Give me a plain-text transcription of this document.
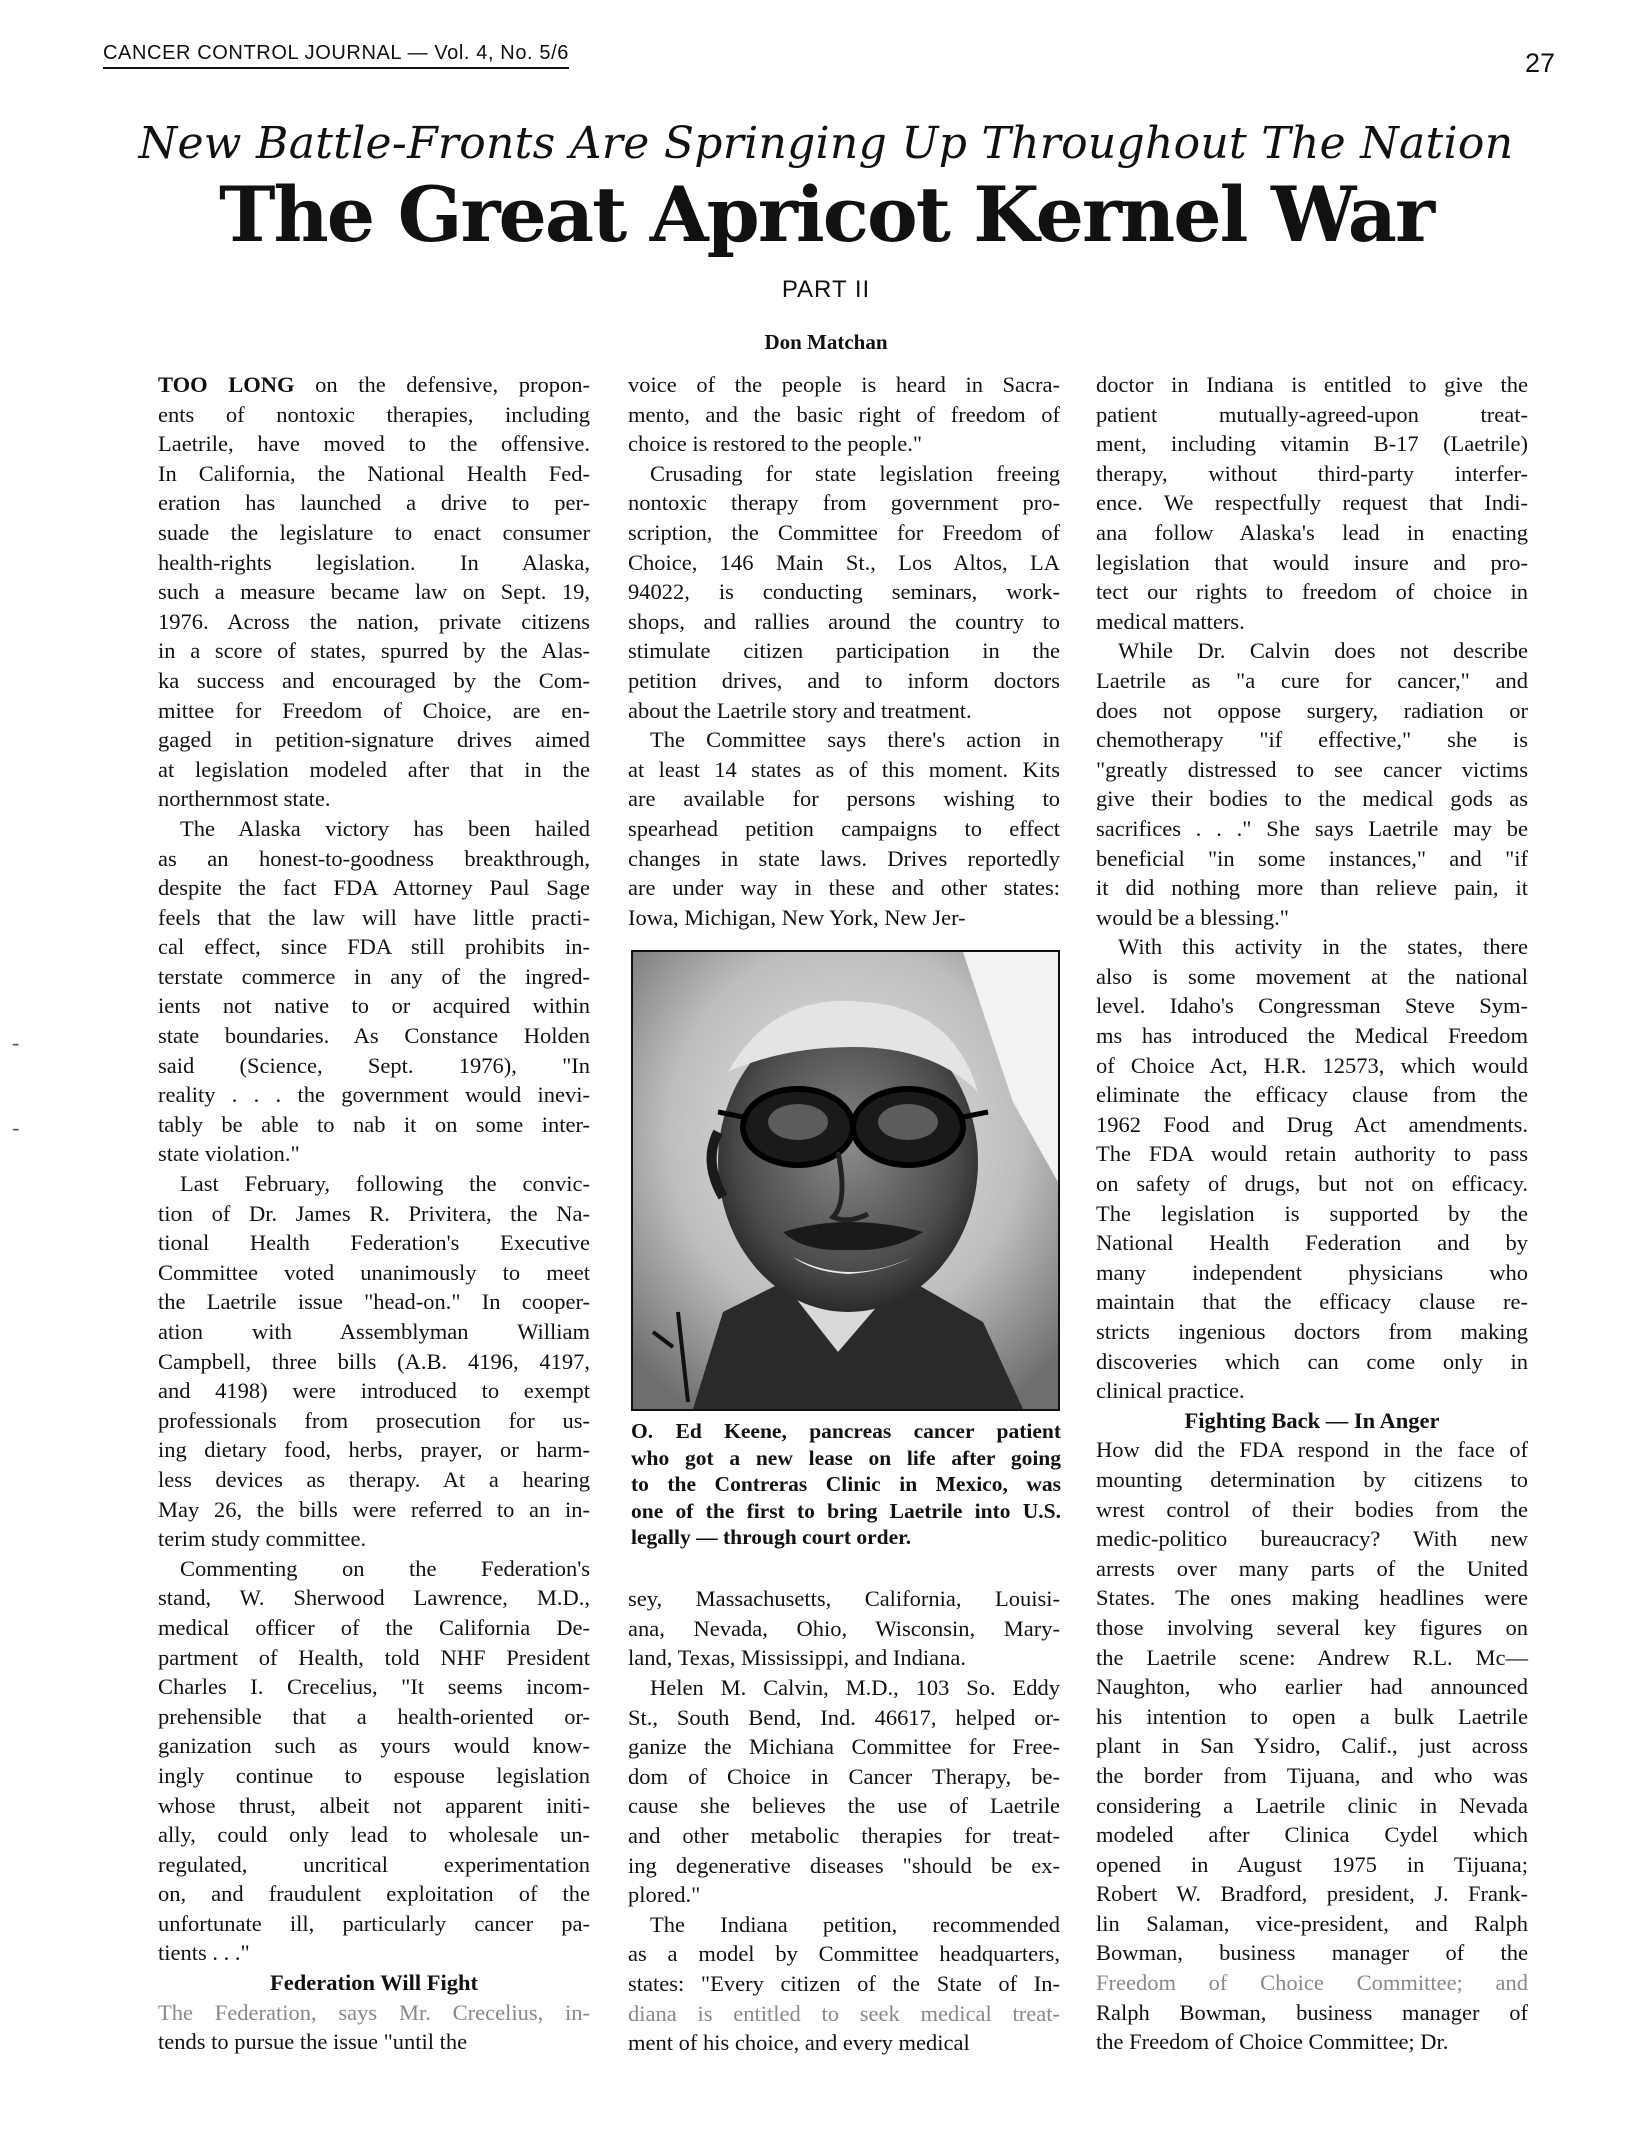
CANCER CONTROL JOURNAL — Vol. 4, No. 5/6	27
New Battle-Fronts Are Springing Up Throughout The Nation
The Great Apricot Kernel War
PART II
Don Matchan
TOO LONG on the defensive, propon-
ents of nontoxic therapies, including
Laetrile, have moved to the offensive.
In California, the National Health Fed-
eration has launched a drive to per-
suade the legislature to enact consumer
health-rights legislation. In Alaska,
such a measure became law on Sept. 19,
1976. Across the nation, private citizens
in a score of states, spurred by the Alas-
ka success and encouraged by the Com-
mittee for Freedom of Choice, are en-
gaged in petition-signature drives aimed
at legislation modeled after that in the
northernmost state.
The Alaska victory has been hailed
as an honest-to-goodness breakthrough,
despite the fact FDA Attorney Paul Sage
feels that the law will have little practi-
cal effect, since FDA still prohibits in-
terstate commerce in any of the ingred-
ients not native to or acquired within
state boundaries. As Constance Holden
said (Science, Sept. 1976), "In
reality . . . the government would inevi-
tably be able to nab it on some inter-
state violation."
Last February, following the convic-
tion of Dr. James R. Privitera, the Na-
tional Health Federation's Executive
Committee voted unanimously to meet
the Laetrile issue "head-on." In cooper-
ation with Assemblyman William
Campbell, three bills (A.B. 4196, 4197,
and 4198) were introduced to exempt
professionals from prosecution for us-
ing dietary food, herbs, prayer, or harm-
less devices as therapy. At a hearing
May 26, the bills were referred to an in-
terim study committee.
Commenting on the Federation's
stand, W. Sherwood Lawrence, M.D.,
medical officer of the California De-
partment of Health, told NHF President
Charles I. Crecelius, "It seems incom-
prehensible that a health-oriented or-
ganization such as yours would know-
ingly continue to espouse legislation
whose thrust, albeit not apparent initi-
ally, could only lead to wholesale un-
regulated, uncritical experimentation
on, and fraudulent exploitation of the
unfortunate ill, particularly cancer pa-
tients . . ."
Federation Will Fight
The Federation, says Mr. Crecelius, in-
tends to pursue the issue "until the
voice of the people is heard in Sacra-
mento, and the basic right of freedom of
choice is restored to the people."
Crusading for state legislation freeing
nontoxic therapy from government pro-
scription, the Committee for Freedom of
Choice, 146 Main St., Los Altos, LA
94022, is conducting seminars, work-
shops, and rallies around the country to
stimulate citizen participation in the
petition drives, and to inform doctors
about the Laetrile story and treatment.
The Committee says there's action in
at least 14 states as of this moment. Kits
are available for persons wishing to
spearhead petition campaigns to effect
changes in state laws. Drives reportedly
are under way in these and other states:
Iowa, Michigan, New York, New Jer-
sey, Massachusetts, California, Louisi-
ana, Nevada, Ohio, Wisconsin, Mary-
land, Texas, Mississippi, and Indiana.
Helen M. Calvin, M.D., 103 So. Eddy
St., South Bend, Ind. 46617, helped or-
ganize the Michiana Committee for Free-
dom of Choice in Cancer Therapy, be-
cause she believes the use of Laetrile
and other metabolic therapies for treat-
ing degenerative diseases "should be ex-
plored."
The Indiana petition, recommended
as a model by Committee headquarters,
states: "Every citizen of the State of In-
diana is entitled to seek medical treat-
ment of his choice, and every medical
doctor in Indiana is entitled to give the
patient mutually-agreed-upon treat-
ment, including vitamin B-17 (Laetrile)
therapy, without third-party interfer-
ence. We respectfully request that Indi-
ana follow Alaska's lead in enacting
legislation that would insure and pro-
tect our rights to freedom of choice in
medical matters.
While Dr. Calvin does not describe
Laetrile as "a cure for cancer," and
does not oppose surgery, radiation or
chemotherapy "if effective," she is
"greatly distressed to see cancer victims
give their bodies to the medical gods as
sacrifices . . ." She says Laetrile may be
beneficial "in some instances," and "if
it did nothing more than relieve pain, it
would be a blessing."
With this activity in the states, there
also is some movement at the national
level. Idaho's Congressman Steve Sym-
ms has introduced the Medical Freedom
of Choice Act, H.R. 12573, which would
eliminate the efficacy clause from the
1962 Food and Drug Act amendments.
The FDA would retain authority to pass
on safety of drugs, but not on efficacy.
The legislation is supported by the
National Health Federation and by
many independent physicians who
maintain that the efficacy clause re-
stricts ingenious doctors from making
discoveries which can come only in
clinical practice.
Fighting Back — In Anger
How did the FDA respond in the face of
mounting determination by citizens to
wrest control of their bodies from the
medic-politico bureaucracy? With new
arrests over many parts of the United
States. The ones making headlines were
those involving several key figures on
the Laetrile scene: Andrew R.L. Mc—
Naughton, who earlier had announced
his intention to open a bulk Laetrile
plant in San Ysidro, Calif., just across
the border from Tijuana, and who was
considering a Laetrile clinic in Nevada
modeled after Clinica Cydel which
opened in August 1975 in Tijuana;
Robert W. Bradford, president, J. Frank-
lin Salaman, vice-president, and Ralph
Bowman, business manager of the
Freedom of Choice Committee; and
Ralph Bowman, business manager of
the Freedom of Choice Committee; Dr.
O. Ed Keene, pancreas cancer patient
who got a new lease on life after going
to the Contreras Clinic in Mexico, was
one of the first to bring Laetrile into U.S.
legally — through court order.
-
-
